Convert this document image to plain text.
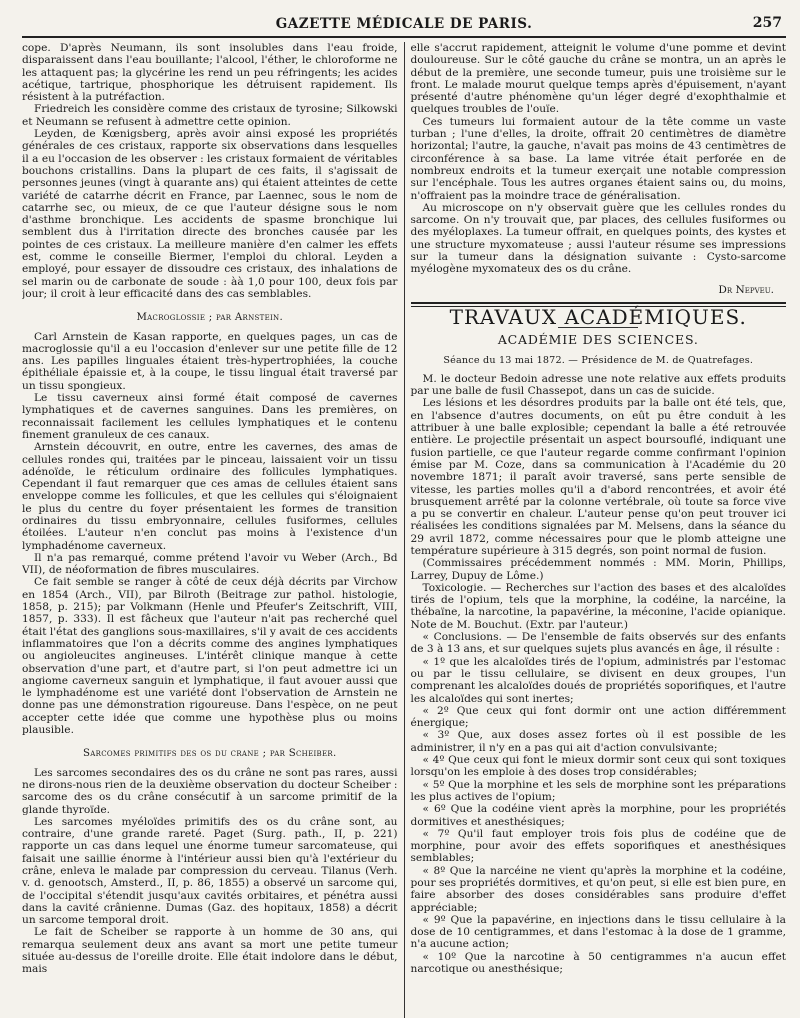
GAZETTE MÉDICALE DE PARIS.	257

cope. D'après Neumann, ils sont insolubles dans l'eau froide, disparaissent dans l'eau bouillante; l'alcool, l'éther, le chloroforme ne les attaquent pas; la glycérine les rend un peu réfringents; les acides acétique, tartrique, phosphorique les détruisent rapidement. Ils résistent à la putréfaction.

Friedreich les considère comme des cristaux de tyrosine; Silkowski et Neumann se refusent à admettre cette opinion.

Leyden, de Kœnigsberg, après avoir ainsi exposé les propriétés générales de ces cristaux, rapporte six observations dans lesquelles il a eu l'occasion de les observer : les cristaux formaient de véritables bouchons cristallins. Dans la plupart de ces faits, il s'agissait de personnes jeunes (vingt à quarante ans) qui étaient atteintes de cette variété de catarrhe décrit en France, par Laennec, sous le nom de catarrhe sec, ou mieux, de ce que l'auteur désigne sous le nom d'asthme bronchique. Les accidents de spasme bronchique lui semblent dus à l'irritation directe des bronches causée par les pointes de ces cristaux. La meilleure manière d'en calmer les effets est, comme le conseille Biermer, l'emploi du chloral. Leyden a employé, pour essayer de dissoudre ces cristaux, des inhalations de sel marin ou de carbonate de soude : àà 1,0 pour 100, deux fois par jour; il croit à leur efficacité dans des cas semblables.

Macroglossie ; par Arnstein.

Carl Arnstein de Kasan rapporte, en quelques pages, un cas de macroglossie qu'il a eu l'occasion d'enlever sur une petite fille de 12 ans. Les papilles linguales étaient très-hypertrophiées, la couche épithéliale épaissie et, à la coupe, le tissu lingual était traversé par un tissu spongieux.

Le tissu caverneux ainsi formé était composé de cavernes lymphatiques et de cavernes sanguines. Dans les premières, on reconnaissait facilement les cellules lymphatiques et le contenu finement granuleux de ces canaux.

Arnstein découvrit, en outre, entre les cavernes, des amas de cellules rondes qui, traitées par le pinceau, laissaient voir un tissu adénoïde, le réticulum ordinaire des follicules lymphatiques. Cependant il faut remarquer que ces amas de cellules étaient sans enveloppe comme les follicules, et que les cellules qui s'éloignaient le plus du centre du foyer présentaient les formes de transition ordinaires du tissu embryonnaire, cellules fusiformes, cellules étoilées. L'auteur n'en conclut pas moins à l'existence d'un lymphadénome caverneux.

Il n'a pas remarqué, comme prétend l'avoir vu Weber (Arch., Bd VII), de néoformation de fibres musculaires.

Ce fait semble se ranger à côté de ceux déjà décrits par Virchow en 1854 (Arch., VII), par Bilroth (Beitrage zur pathol. histologie, 1858, p. 215); par Volkmann (Henle und Pfeufer's Zeitschrift, VIII, 1857, p. 333). Il est fâcheux que l'auteur n'ait pas recherché quel était l'état des ganglions sous-maxillaires, s'il y avait de ces accidents inflammatoires que l'on a décrits comme des angines lymphatiques ou angioleucites angineuses. L'intérêt clinique manque à cette observation d'une part, et d'autre part, si l'on peut admettre ici un angiome caverneux sanguin et lymphatique, il faut avouer aussi que le lymphadénome est une variété dont l'observation de Arnstein ne donne pas une démonstration rigoureuse. Dans l'espèce, on ne peut accepter cette idée que comme une hypothèse plus ou moins plausible.

Sarcomes primitifs des os du crane ; par Scheiber.

Les sarcomes secondaires des os du crâne ne sont pas rares, aussi ne dirons-nous rien de la deuxième observation du docteur Scheiber : sarcome des os du crâne consécutif à un sarcome primitif de la glande thyroïde.

Les sarcomes myéloïdes primitifs des os du crâne sont, au contraire, d'une grande rareté. Paget (Surg. path., II, p. 221) rapporte un cas dans lequel une énorme tumeur sarcomateuse, qui faisait une saillie énorme à l'intérieur aussi bien qu'à l'extérieur du crâne, enleva le malade par compression du cerveau. Tilanus (Verh. v. d. genootsch, Amsterd., II, p. 86, 1855) a observé un sarcome qui, de l'occipital s'étendit jusqu'aux cavités orbitaires, et pénétra aussi dans la cavité crânienne. Dumas (Gaz. des hopitaux, 1858) a décrit un sarcome temporal droit.

Le fait de Scheiber se rapporte à un homme de 30 ans, qui remarqua seulement deux ans avant sa mort une petite tumeur située au-dessus de l'oreille droite. Elle était indolore dans le début, mais

elle s'accrut rapidement, atteignit le volume d'une pomme et devint douloureuse. Sur le côté gauche du crâne se montra, un an après le début de la première, une seconde tumeur, puis une troisième sur le front. Le malade mourut quelque temps après d'épuisement, n'ayant présenté d'autre phénomène qu'un léger degré d'exophthalmie et quelques troubles de l'ouïe.

Ces tumeurs lui formaient autour de la tête comme un vaste turban ; l'une d'elles, la droite, offrait 20 centimètres de diamètre horizontal; l'autre, la gauche, n'avait pas moins de 43 centimètres de circonférence à sa base. La lame vitrée était perforée en de nombreux endroits et la tumeur exerçait une notable compression sur l'encéphale. Tous les autres organes étaient sains ou, du moins, n'offraient pas la moindre trace de généralisation.

Au microscope on n'y observait guère que les cellules rondes du sarcome. On n'y trouvait que, par places, des cellules fusiformes ou des myéloplaxes. La tumeur offrait, en quelques points, des kystes et une structure myxomateuse ; aussi l'auteur résume ses impressions sur la tumeur dans la désignation suivante : Cysto-sarcome myélogène myxomateux des os du crâne.

Dr Nepveu.
TRAVAUX ACADÉMIQUES.
ACADÉMIE DES SCIENCES.
Séance du 13 mai 1872. — Présidence de M. de Quatrefages.

M. le docteur Bedoin adresse une note relative aux effets produits par une balle de fusil Chassepot, dans un cas de suicide.

Les lésions et les désordres produits par la balle ont été tels, que, en l'absence d'autres documents, on eût pu être conduit à les attribuer à une balle explosible; cependant la balle a été retrouvée entière. Le projectile présentait un aspect boursouflé, indiquant une fusion partielle, ce que l'auteur regarde comme confirmant l'opinion émise par M. Coze, dans sa communication à l'Académie du 20 novembre 1871; il paraît avoir traversé, sans perte sensible de vitesse, les parties molles qu'il a d'abord rencontrées, et avoir été brusquement arrêté par la colonne vertébrale, où toute sa force vive a pu se convertir en chaleur. L'auteur pense qu'on peut trouver ici réalisées les conditions signalées par M. Melsens, dans la séance du 29 avril 1872, comme nécessaires pour que le plomb atteigne une température supérieure à 315 degrés, son point normal de fusion.

(Commissaires précédemment nommés : MM. Morin, Phillips, Larrey, Dupuy de Lôme.)

Toxicologie. — Recherches sur l'action des bases et des alcaloïdes tirés de l'opium, tels que la morphine, la codéine, la narcéine, la thébaïne, la narcotine, la papavérine, la méconine, l'acide opianique. Note de M. Bouchut. (Extr. par l'auteur.)

« Conclusions. — De l'ensemble de faits observés sur des enfants de 3 à 13 ans, et sur quelques sujets plus avancés en âge, il résulte :

« 1º que les alcaloïdes tirés de l'opium, administrés par l'estomac ou par le tissu cellulaire, se divisent en deux groupes, l'un comprenant les alcaloïdes doués de propriétés soporifiques, et l'autre les alcaloïdes qui sont inertes;

« 2º Que ceux qui font dormir ont une action différemment énergique;

« 3º Que, aux doses assez fortes où il est possible de les administrer, il n'y en a pas qui ait d'action convulsivante;

« 4º Que ceux qui font le mieux dormir sont ceux qui sont toxiques lorsqu'on les emploie à des doses trop considérables;

« 5º Que la morphine et les sels de morphine sont les préparations les plus actives de l'opium;

« 6º Que la codéine vient après la morphine, pour les propriétés dormitives et anesthésiques;

« 7º Qu'il faut employer trois fois plus de codéine que de morphine, pour avoir des effets soporifiques et anesthésiques semblables;

« 8º Que la narcéine ne vient qu'après la morphine et la codéine, pour ses propriétés dormitives, et qu'on peut, si elle est bien pure, en faire absorber des doses considérables sans produire d'effet appréciable;

« 9º Que la papavérine, en injections dans le tissu cellulaire à la dose de 10 centigrammes, et dans l'estomac à la dose de 1 gramme, n'a aucune action;

« 10º Que la narcotine à 50 centigrammes n'a aucun effet narcotique ou anesthésique;
